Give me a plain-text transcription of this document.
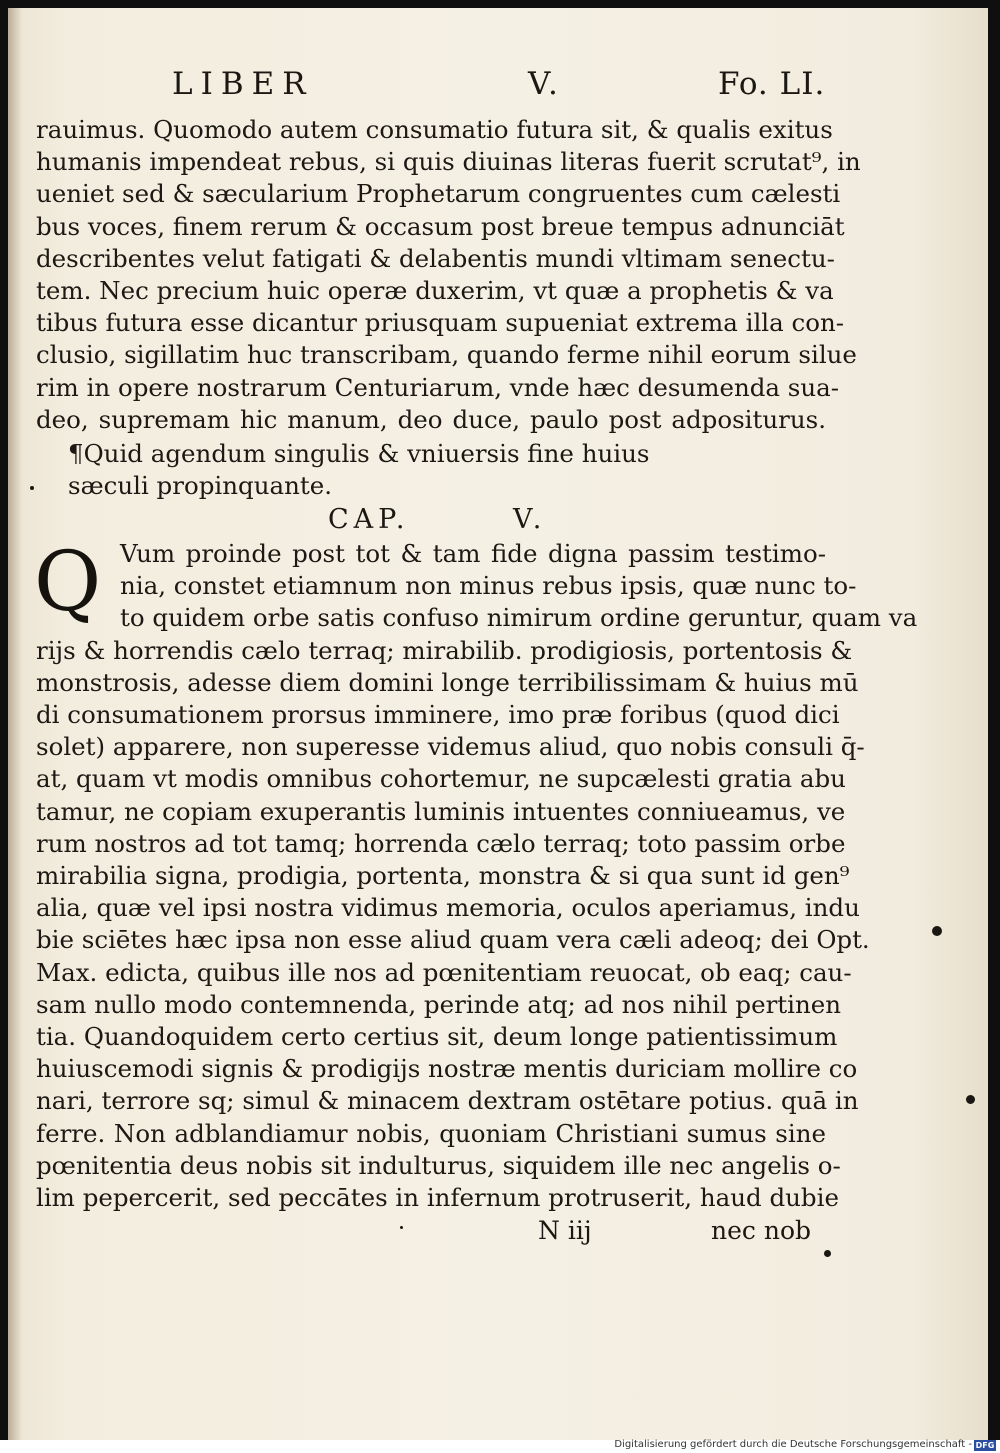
LIBER	V.	Fo. LI.

rauimus. Quomodo autem consumatio futura sit, & qualis exitus

humanis impendeat rebus, si quis diuinas literas fuerit scrutat⁹, in

ueniet sed & sæcularium Prophetarum congruentes cum cælesti

bus voces, finem rerum & occasum post breue tempus adnunciāt

describentes velut fatigati & delabentis mundi vltimam senectu-

tem. Nec precium huic operæ duxerim, vt quæ a prophetis & va

tibus futura esse dicantur priusquam supueniat extrema illa con-

clusio, sigillatim huc transcribam, quando ferme nihil eorum silue

rim in opere nostrarum Centuriarum, vnde hæc desumenda sua-

deo, supremam hic manum, deo duce, paulo post adpositurus.

¶Quid agendum singulis & vniuersis fine huius

sæculi propinquante.

CAP. V.
Q Vum proinde post tot & tam fide digna passim testimo-

nia, constet etiamnum non minus rebus ipsis, quæ nunc to-

to quidem orbe satis confuso nimirum ordine geruntur, quam va

rijs & horrendis cælo terraq; mirabilib. prodigiosis, portentosis &

monstrosis, adesse diem domini longe terribilissimam & huius mū

di consumationem prorsus imminere, imo præ foribus (quod dici

solet) apparere, non superesse videmus aliud, quo nobis consuli q̄-

at, quam vt modis omnibus cohortemur, ne supcælesti gratia abu

tamur, ne copiam exuperantis luminis intuentes conniueamus, ve

rum nostros ad tot tamq; horrenda cælo terraq; toto passim orbe

mirabilia signa, prodigia, portenta, monstra & si qua sunt id gen⁹

alia, quæ vel ipsi nostra vidimus memoria, oculos aperiamus, indu

bie sciētes hæc ipsa non esse aliud quam vera cæli adeoq; dei Opt.

Max. edicta, quibus ille nos ad pœnitentiam reuocat, ob eaq; cau-

sam nullo modo contemnenda, perinde atq; ad nos nihil pertinen

tia. Quandoquidem certo certius sit, deum longe patientissimum

huiuscemodi signis & prodigijs nostræ mentis duriciam mollire co

nari, terrore sq; simul & minacem dextram ostētare potius. quā in

ferre. Non adblandiamur nobis, quoniam Christiani sumus sine

pœnitentia deus nobis sit indulturus, siquidem ille nec angelis o-

lim pepercerit, sed peccātes in infernum protruserit, haud dubie

N iij	nec nob
Digitalisierung gefördert durch die Deutsche Forschungsgemeinschaft - DFG
